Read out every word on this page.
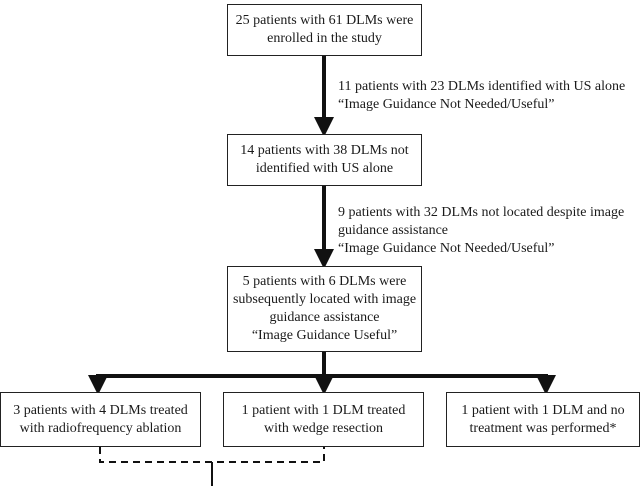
25 patients with 61 DLMs were
enrolled in the study
11 patients with 23 DLMs identified with US alone
“Image Guidance Not Needed/Useful”
14 patients with 38 DLMs not
identified with US alone
9 patients with 32 DLMs not located despite image
guidance assistance
“Image Guidance Not Needed/Useful”
5 patients with 6 DLMs were
subsequently located with image
guidance assistance
“Image Guidance Useful”
3 patients with 4 DLMs treated
with radiofrequency ablation
1 patient with 1 DLM treated
with wedge resection
1 patient with 1 DLM and no
treatment was performed*
